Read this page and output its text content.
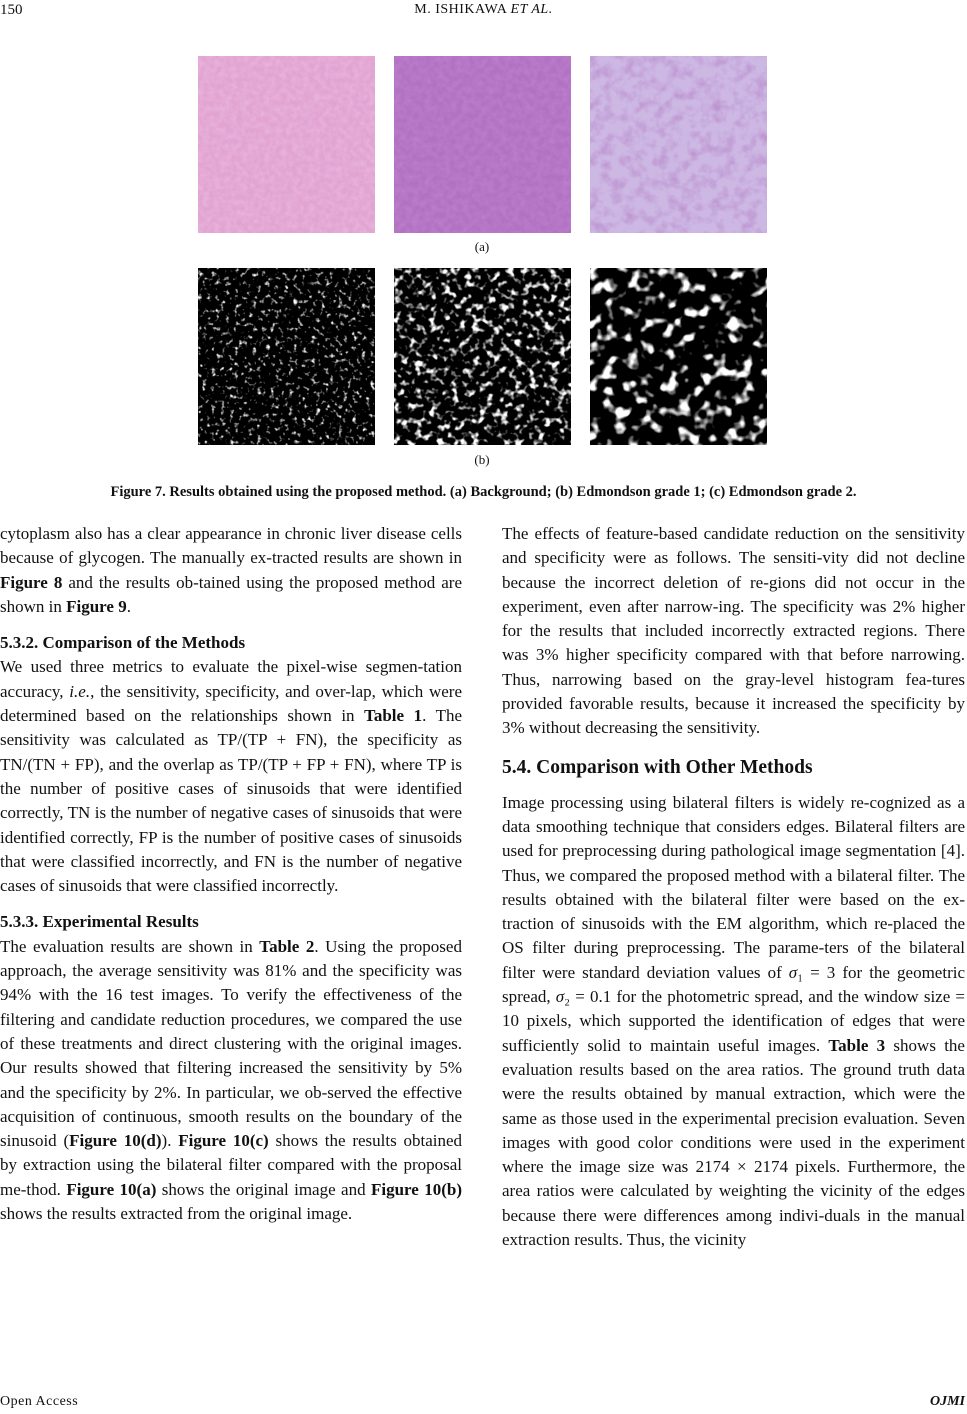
150	M. ISHIKAWA ET AL.
(a)
(b)
Figure 7. Results obtained using the proposed method. (a) Background; (b) Edmondson grade 1; (c) Edmondson grade 2.

cytoplasm also has a clear appearance in chronic liver disease cells because of glycogen. The manually ex-tracted results are shown in Figure 8 and the results ob-tained using the proposed method are shown in Figure 9.

5.3.2. Comparison of the Methods

We used three metrics to evaluate the pixel-wise segmen-tation accuracy, i.e., the sensitivity, specificity, and over-lap, which were determined based on the relationships shown in Table 1. The sensitivity was calculated as TP/(TP + FN), the specificity as TN/(TN + FP), and the overlap as TP/(TP + FP + FN), where TP is the number of positive cases of sinusoids that were identified correctly, TN is the number of negative cases of sinusoids that were identified correctly, FP is the number of positive cases of sinusoids that were classified incorrectly, and FN is the number of negative cases of sinusoids that were classified incorrectly.

5.3.3. Experimental Results

The evaluation results are shown in Table 2. Using the proposed approach, the average sensitivity was 81% and the specificity was 94% with the 16 test images. To verify the effectiveness of the filtering and candidate reduction procedures, we compared the use of these treatments and direct clustering with the original images. Our results showed that filtering increased the sensitivity by 5% and the specificity by 2%. In particular, we ob-served the effective acquisition of continuous, smooth results on the boundary of the sinusoid (Figure 10(d)). Figure 10(c) shows the results obtained by extraction using the bilateral filter compared with the proposal me-thod. Figure 10(a) shows the original image and Figure 10(b) shows the results extracted from the original image.

The effects of feature-based candidate reduction on the sensitivity and specificity were as follows. The sensiti-vity did not decline because the incorrect deletion of re-gions did not occur in the experiment, even after narrow-ing. The specificity was 2% higher for the results that included incorrectly extracted regions. There was 3% higher specificity compared with that before narrowing. Thus, narrowing based on the gray-level histogram fea-tures provided favorable results, because it increased the specificity by 3% without decreasing the sensitivity.

5.4. Comparison with Other Methods

Image processing using bilateral filters is widely re-cognized as a data smoothing technique that considers edges. Bilateral filters are used for preprocessing during pathological image segmentation [4]. Thus, we compared the proposed method with a bilateral filter. The results obtained with the bilateral filter were based on the ex-traction of sinusoids with the EM algorithm, which re-placed the OS filter during preprocessing. The parame-ters of the bilateral filter were standard deviation values of σ₁ = 3 for the geometric spread, σ₂ = 0.1 for the photometric spread, and the window size = 10 pixels, which supported the identification of edges that were sufficiently solid to maintain useful images. Table 3 shows the evaluation results based on the area ratios. The ground truth data were the results obtained by manual extraction, which were the same as those used in the experimental precision evaluation. Seven images with good color conditions were used in the experiment where the image size was 2174 × 2174 pixels. Furthermore, the area ratios were calculated by weighting the vicinity of the edges because there were differences among indivi-duals in the manual extraction results. Thus, the vicinity

Open Access	OJMI
